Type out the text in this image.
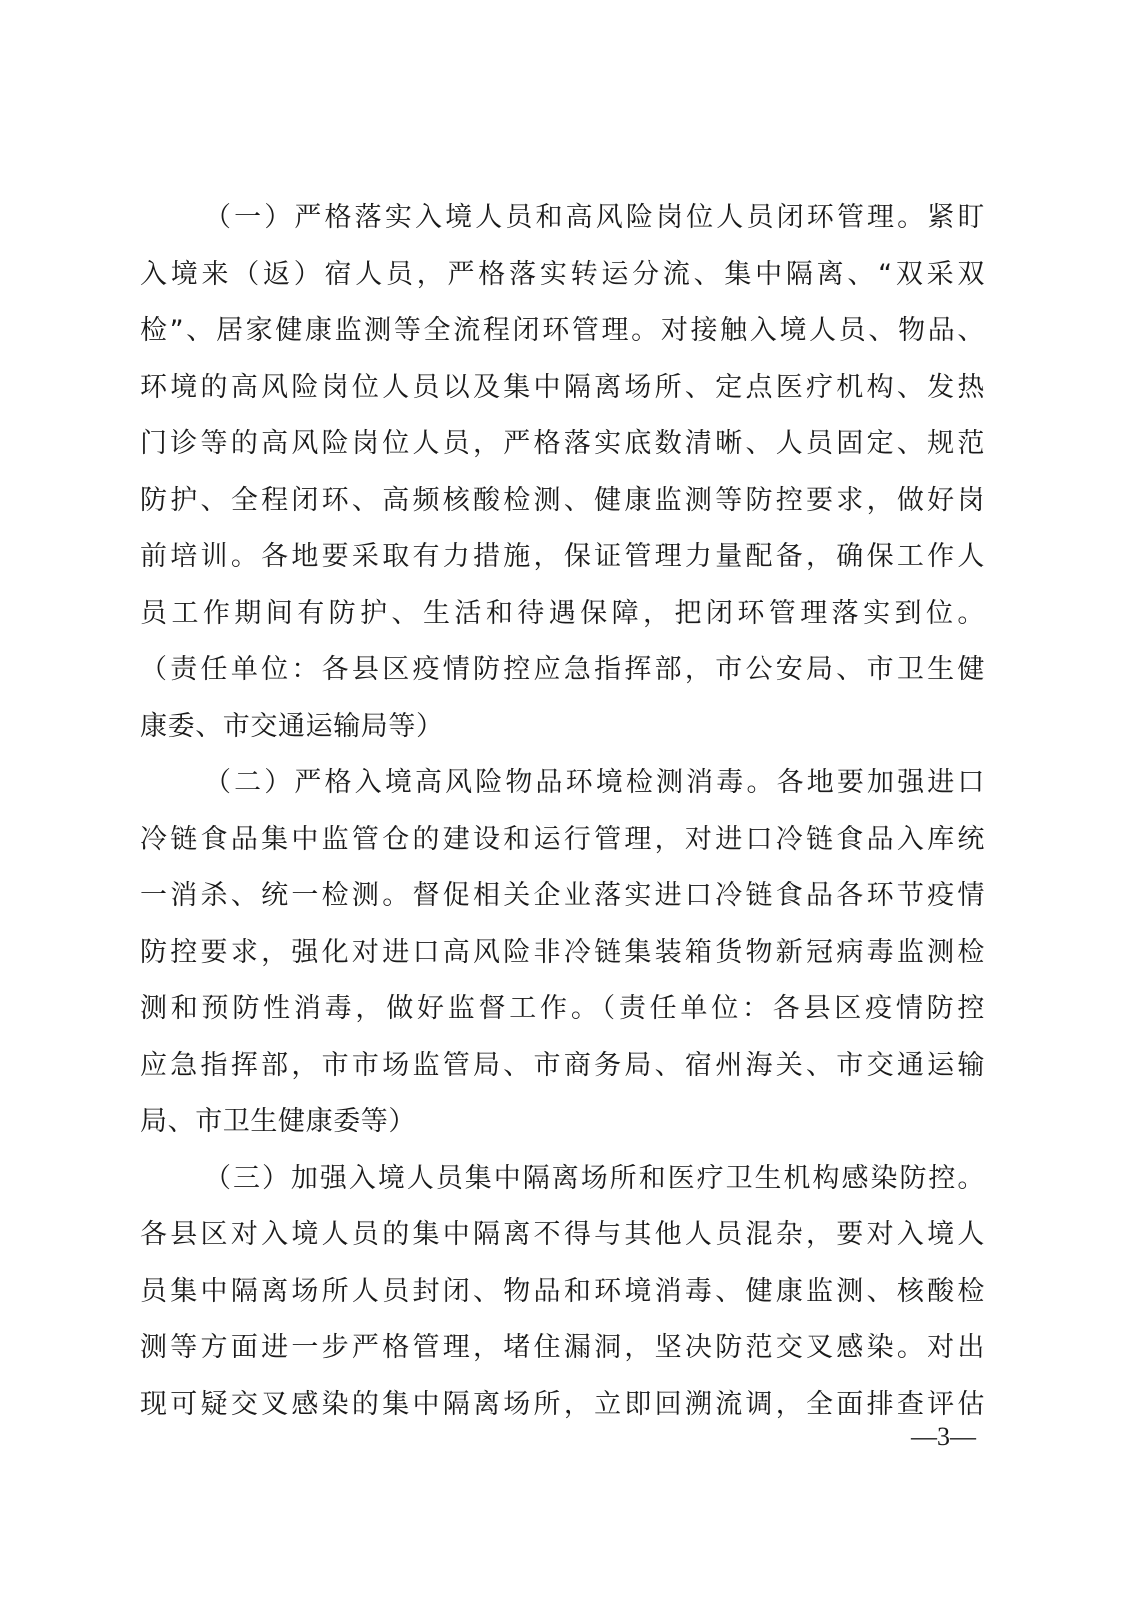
（一）严格落实入境人员和高风险岗位人员闭环管理。紧盯
入境来（返）宿人员，严格落实转运分流、集中隔离、“双采双
检”、居家健康监测等全流程闭环管理。对接触入境人员、物品、
环境的高风险岗位人员以及集中隔离场所、定点医疗机构、发热
门诊等的高风险岗位人员，严格落实底数清晰、人员固定、规范
防护、全程闭环、高频核酸检测、健康监测等防控要求，做好岗
前培训。各地要采取有力措施，保证管理力量配备，确保工作人
员工作期间有防护、生活和待遇保障，把闭环管理落实到位。
（责任单位：各县区疫情防控应急指挥部，市公安局、市卫生健
康委、市交通运输局等）
（二）严格入境高风险物品环境检测消毒。各地要加强进口
冷链食品集中监管仓的建设和运行管理，对进口冷链食品入库统
一消杀、统一检测。督促相关企业落实进口冷链食品各环节疫情
防控要求，强化对进口高风险非冷链集装箱货物新冠病毒监测检
测和预防性消毒，做好监督工作。（责任单位：各县区疫情防控
应急指挥部，市市场监管局、市商务局、宿州海关、市交通运输
局、市卫生健康委等）
（三）加强入境人员集中隔离场所和医疗卫生机构感染防控。
各县区对入境人员的集中隔离不得与其他人员混杂，要对入境人
员集中隔离场所人员封闭、物品和环境消毒、健康监测、核酸检
测等方面进一步严格管理，堵住漏洞，坚决防范交叉感染。对出
现可疑交叉感染的集中隔离场所，立即回溯流调，全面排查评估
—3—
